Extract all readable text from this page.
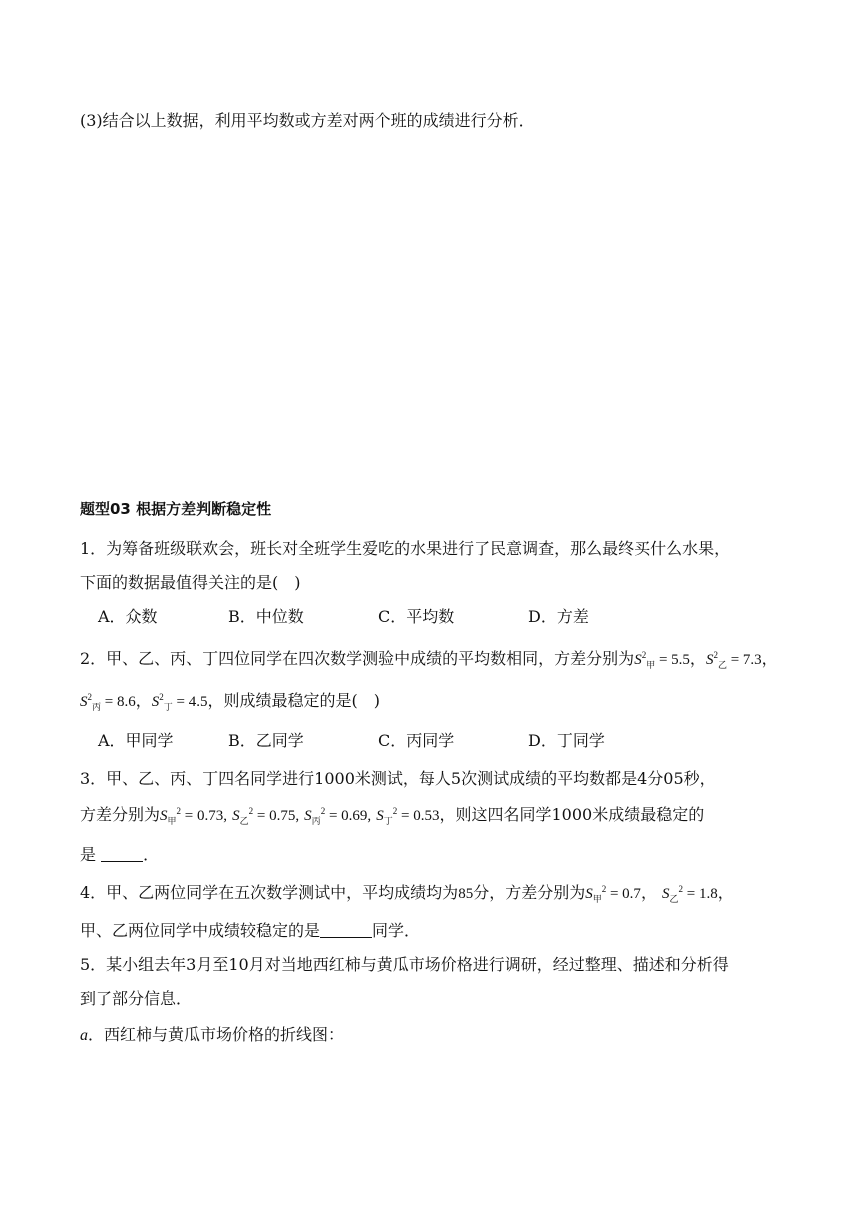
(3)结合以上数据，利用平均数或方差对两个班的成绩进行分析．
题型03 根据方差判断稳定性
1．为筹备班级联欢会，班长对全班学生爱吃的水果进行了民意调查，那么最终买什么水果，
下面的数据最值得关注的是(　)
A．众数	B．中位数	C．平均数	D．方差
2．甲、乙、丙、丁四位同学在四次数学测验中成绩的平均数相同，方差分别为$S^2_甲 = 5.5$，$S^2_乙 = 7.3$，
$S^2_丙 = 8.6$，$S^2_丁 = 4.5$，则成绩最稳定的是(　)
A．甲同学	B．乙同学	C．丙同学	D．丁同学
3．甲、乙、丙、丁四名同学进行1000米测试，每人5次测试成绩的平均数都是4分05秒，
方差分别为$S_甲^2 = 0.73$, $S_乙^2 = 0.75$, $S_丙^2 = 0.69$, $S_丁^2 = 0.53$，则这四名同学1000米成绩最稳定的
是	．
4．甲、乙两位同学在五次数学测试中，平均成绩均为85分，方差分别为$S_甲^2 = 0.7$， $S_乙^2 = 1.8$，
甲、乙两位同学中成绩较稳定的是	同学．
5．某小组去年3月至10月对当地西红柿与黄瓜市场价格进行调研，经过整理、描述和分析得
到了部分信息．
a．西红柿与黄瓜市场价格的折线图：
